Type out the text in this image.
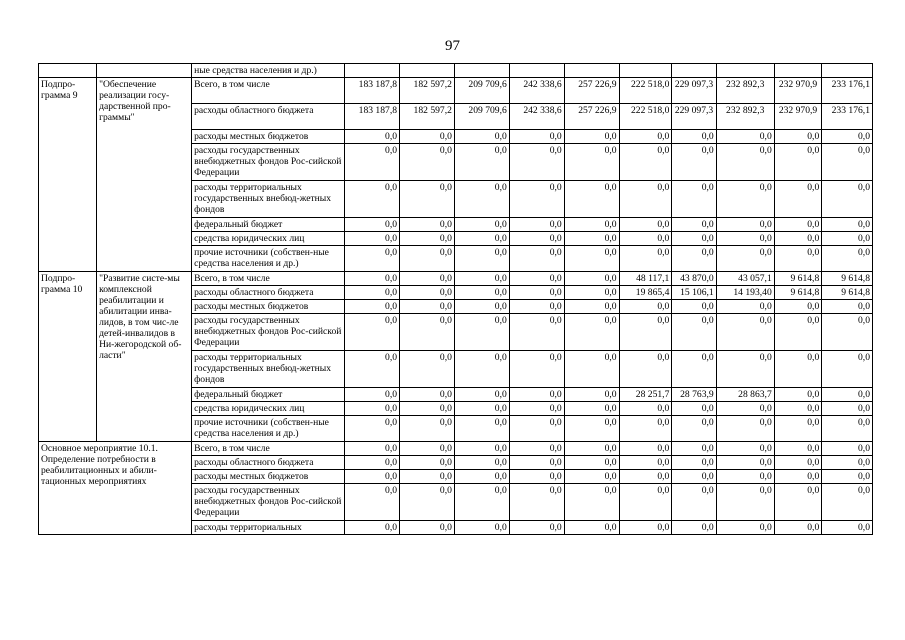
97
		ные средства населения и др.)										
Подпро-
грамма 9	"Обеспечение реализации госу-дарственной про-граммы"	Всего, в том числе	183 187,8	182 597,2	209 709,6	242 338,6	257 226,9	222 518,0	229 097,3	232 892,3	232 970,9	233 176,1
		расходы областного бюджета	183 187,8	182 597,2	209 709,6	242 338,6	257 226,9	222 518,0	229 097,3	232 892,3	232 970,9	233 176,1
		расходы местных бюджетов	0,0	0,0	0,0	0,0	0,0	0,0	0,0	0,0	0,0	0,0
		расходы государственных внебюджетных фондов Рос-сийской Федерации	0,0	0,0	0,0	0,0	0,0	0,0	0,0	0,0	0,0	0,0
		расходы территориальных государственных внебюд-жетных фондов	0,0	0,0	0,0	0,0	0,0	0,0	0,0	0,0	0,0	0,0
		федеральный бюджет	0,0	0,0	0,0	0,0	0,0	0,0	0,0	0,0	0,0	0,0
		средства юридических лиц	0,0	0,0	0,0	0,0	0,0	0,0	0,0	0,0	0,0	0,0
		прочие источники (собствен-ные средства населения и др.)	0,0	0,0	0,0	0,0	0,0	0,0	0,0	0,0	0,0	0,0
Подпро-
грамма 10	"Развитие систе-мы комплексной реабилитации и абилитации инва-лидов, в том чис-ле детей-инвалидов в Ни-жегородской об-ласти"	Всего, в том числе	0,0	0,0	0,0	0,0	0,0	48 117,1	43 870,0	43 057,1	9 614,8	9 614,8
		расходы областного бюджета	0,0	0,0	0,0	0,0	0,0	19 865,4	15 106,1	14 193,40	9 614,8	9 614,8
		расходы местных бюджетов	0,0	0,0	0,0	0,0	0,0	0,0	0,0	0,0	0,0	0,0
		расходы государственных внебюджетных фондов Рос-сийской Федерации	0,0	0,0	0,0	0,0	0,0	0,0	0,0	0,0	0,0	0,0
		расходы территориальных государственных внебюд-жетных фондов	0,0	0,0	0,0	0,0	0,0	0,0	0,0	0,0	0,0	0,0
		федеральный бюджет	0,0	0,0	0,0	0,0	0,0	28 251,7	28 763,9	28 863,7	0,0	0,0
		средства юридических лиц	0,0	0,0	0,0	0,0	0,0	0,0	0,0	0,0	0,0	0,0
		прочие источники (собствен-ные средства населения и др.)	0,0	0,0	0,0	0,0	0,0	0,0	0,0	0,0	0,0	0,0
Основное мероприятие 10.1. Определение потребности в реабилитационных и абили-тационных мероприятиях		Всего, в том числе	0,0	0,0	0,0	0,0	0,0	0,0	0,0	0,0	0,0	0,0
		расходы областного бюджета	0,0	0,0	0,0	0,0	0,0	0,0	0,0	0,0	0,0	0,0
		расходы местных бюджетов	0,0	0,0	0,0	0,0	0,0	0,0	0,0	0,0	0,0	0,0
		расходы государственных внебюджетных фондов Рос-сийской Федерации	0,0	0,0	0,0	0,0	0,0	0,0	0,0	0,0	0,0	0,0
		расходы территориальных	0,0	0,0	0,0	0,0	0,0	0,0	0,0	0,0	0,0	0,0
